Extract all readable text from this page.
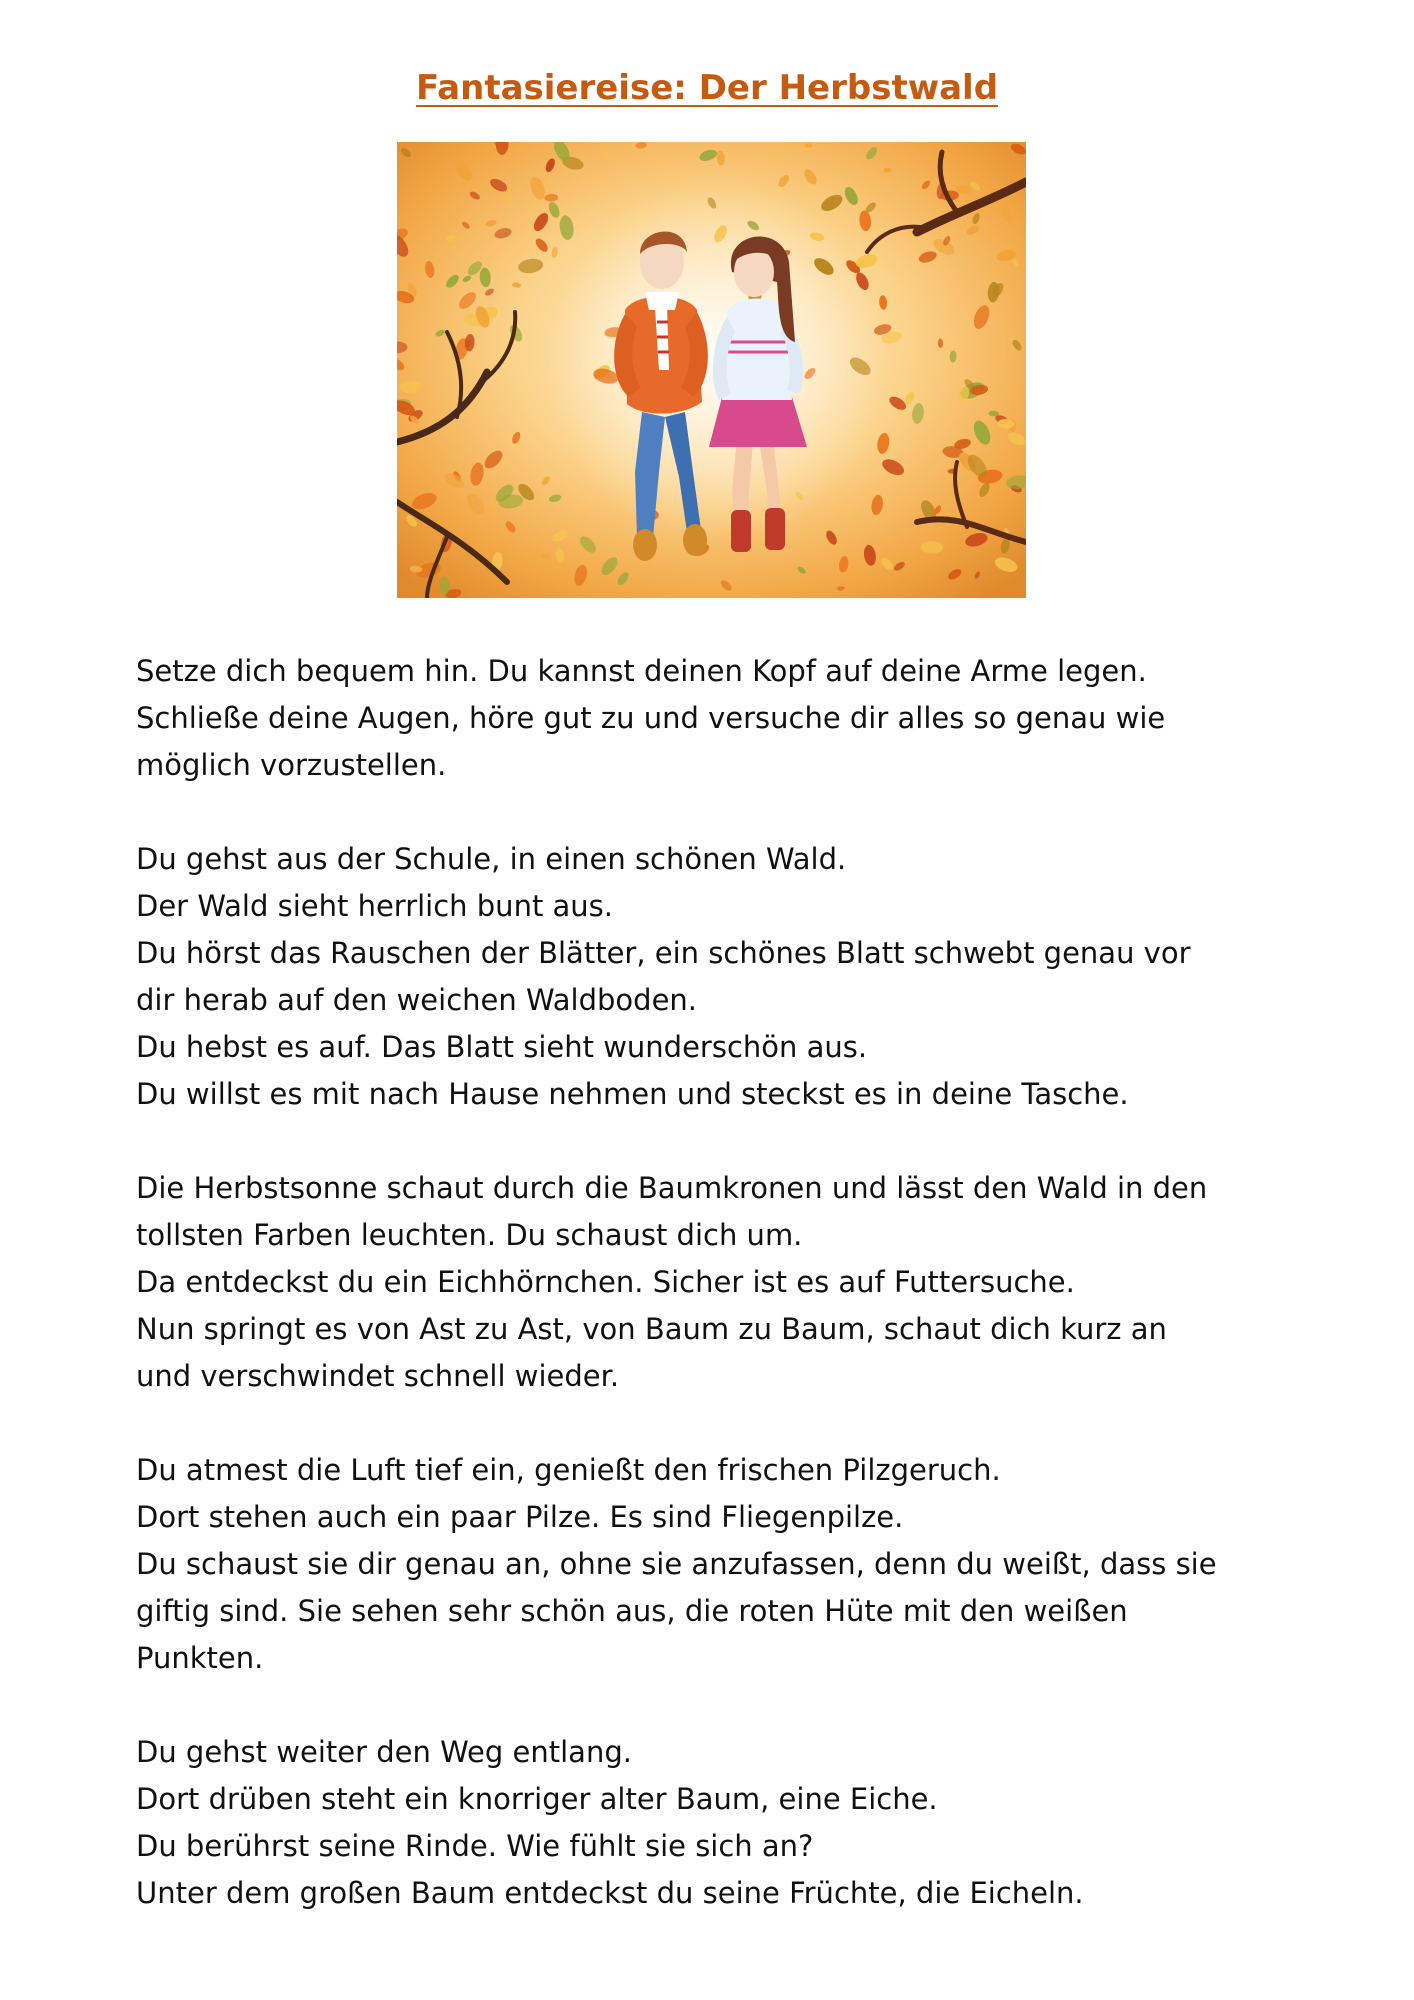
Fantasiereise: Der Herbstwald

Setze dich bequem hin. Du kannst deinen Kopf auf deine Arme legen.
Schließe deine Augen, höre gut zu und versuche dir alles so genau wie
möglich vorzustellen.

Du gehst aus der Schule, in einen schönen Wald.
Der Wald sieht herrlich bunt aus.
Du hörst das Rauschen der Blätter, ein schönes Blatt schwebt genau vor
dir herab auf den weichen Waldboden.
Du hebst es auf. Das Blatt sieht wunderschön aus.
Du willst es mit nach Hause nehmen und steckst es in deine Tasche.

Die Herbstsonne schaut durch die Baumkronen und lässt den Wald in den
tollsten Farben leuchten. Du schaust dich um.
Da entdeckst du ein Eichhörnchen. Sicher ist es auf Futtersuche.
Nun springt es von Ast zu Ast, von Baum zu Baum, schaut dich kurz an
und verschwindet schnell wieder.

Du atmest die Luft tief ein, genießt den frischen Pilzgeruch.
Dort stehen auch ein paar Pilze. Es sind Fliegenpilze.
Du schaust sie dir genau an, ohne sie anzufassen, denn du weißt, dass sie
giftig sind. Sie sehen sehr schön aus, die roten Hüte mit den weißen
Punkten.

Du gehst weiter den Weg entlang.
Dort drüben steht ein knorriger alter Baum, eine Eiche.
Du berührst seine Rinde. Wie fühlt sie sich an?
Unter dem großen Baum entdeckst du seine Früchte, die Eicheln.
